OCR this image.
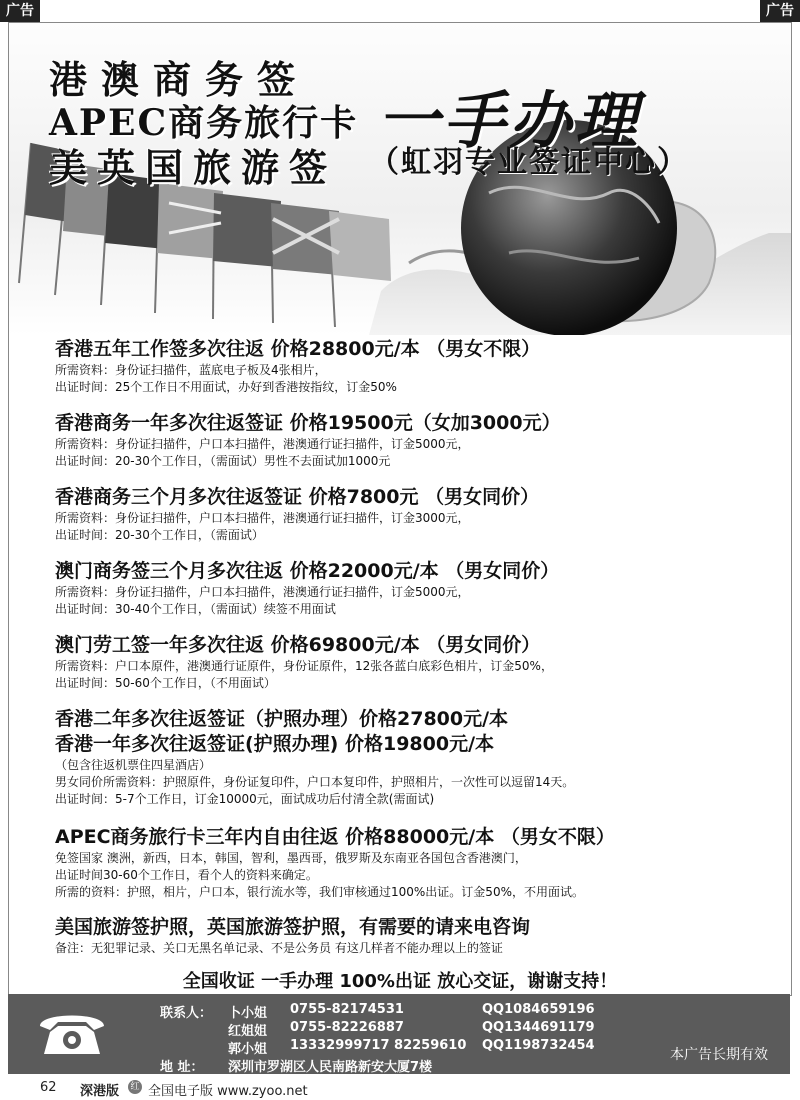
广告	广告
港澳商务签
APEC商务旅行卡
美英国旅游签
一手办理
（虹羽专业签证中心）
香港五年工作签多次往返 价格28800元/本 （男女不限）
所需资料：身份证扫描件，蓝底电子板及4张相片，
出证时间：25个工作日不用面试，办好到香港按指纹，订金50%
香港商务一年多次往返签证 价格19500元（女加3000元）
所需资料：身份证扫描件，户口本扫描件，港澳通行证扫描件，订金5000元，
出证时间：20-30个工作日，（需面试）男性不去面试加1000元
香港商务三个月多次往返签证 价格7800元 （男女同价）
所需资料：身份证扫描件，户口本扫描件，港澳通行证扫描件，订金3000元，
出证时间：20-30个工作日，（需面试）
澳门商务签三个月多次往返 价格22000元/本 （男女同价）
所需资料：身份证扫描件，户口本扫描件，港澳通行证扫描件，订金5000元，
出证时间：30-40个工作日，（需面试）续签不用面试
澳门劳工签一年多次往返 价格69800元/本 （男女同价）
所需资料：户口本原件，港澳通行证原件，身份证原件，12张各蓝白底彩色相片，订金50%，
出证时间：50-60个工作日，（不用面试）
香港二年多次往返签证（护照办理）价格27800元/本
香港一年多次往返签证(护照办理) 价格19800元/本
（包含往返机票住四星酒店）
男女同价所需资料：护照原件，身份证复印件，户口本复印件，护照相片，一次性可以逗留14天。
出证时间：5-7个工作日，订金10000元，面试成功后付清全款(需面试)
APEC商务旅行卡三年内自由往返 价格88000元/本 （男女不限）
免签国家 澳洲，新西，日本，韩国，智利，墨西哥，俄罗斯及东南亚各国包含香港澳门，
出证时间30-60个工作日，看个人的资料来确定。
所需的资料：护照，相片，户口本，银行流水等，我们审核通过100%出证。订金50%，不用面试。
美国旅游签护照，英国旅游签护照，有需要的请来电咨询
备注：无犯罪记录、关口无黑名单记录、不是公务员 有这几样者不能办理以上的签证
全国收证 一手办理 100%出证 放心交证，谢谢支持！
联系人： 卜小姐 0755-82174531	QQ1084659196
红姐姐 0755-82226887	QQ1344691179
郭小姐 13332999717 82259610 QQ1198732454
地 址： 深圳市罗湖区人民南路新安大厦7楼
本广告长期有效
62 深港版 红 全国电子版 www.zyoo.net
